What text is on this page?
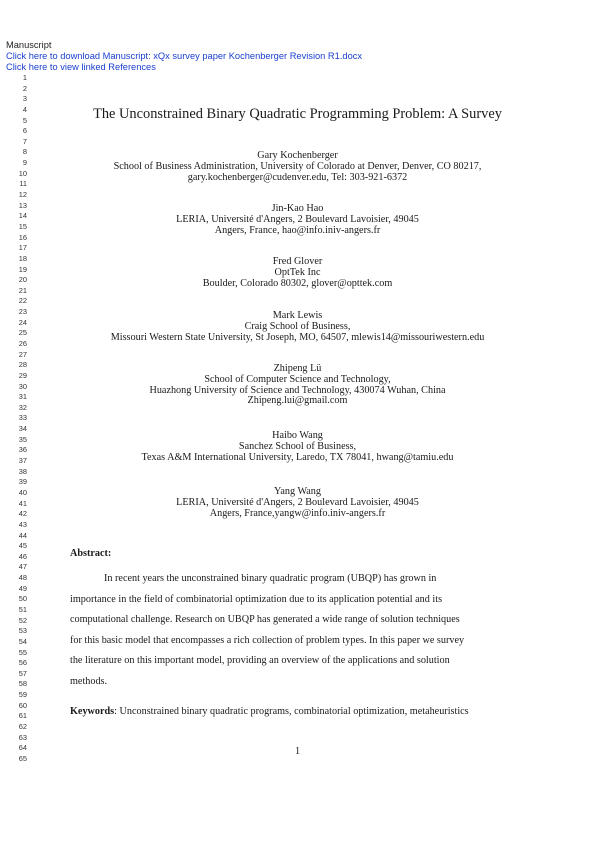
Manuscript
Click here to download Manuscript: xQx survey paper Kochenberger Revision R1.docx
Click here to view linked References
1
2
3
4
5
6
7
8
9
10
11
12
13
14
15
16
17
18
19
20
21
22
23
24
25
26
27
28
29
30
31
32
33
34
35
36
37
38
39
40
41
42
43
44
45
46
47
48
49
50
51
52
53
54
55
56
57
58
59
60
61
62
63
64
65
The Unconstrained Binary Quadratic Programming Problem: A Survey
Gary Kochenberger
School of Business Administration, University of Colorado at Denver, Denver, CO 80217,
gary.kochenberger@cudenver.edu, Tel: 303-921-6372
Jin-Kao Hao
LERIA, Université d'Angers, 2 Boulevard Lavoisier, 49045
Angers, France, hao@info.iniv-angers.fr
Fred Glover
OptTek Inc
Boulder, Colorado 80302, glover@opttek.com
Mark Lewis
Craig School of Business,
Missouri Western State University, St Joseph, MO, 64507, mlewis14@missouriwestern.edu
Zhipeng Lü
School of Computer Science and Technology,
Huazhong University of Science and Technology, 430074 Wuhan, China
Zhipeng.lui@gmail.com
Haibo Wang
Sanchez School of Business,
Texas A&M International University, Laredo, TX 78041, hwang@tamiu.edu
Yang Wang
LERIA, Université d'Angers, 2 Boulevard Lavoisier, 49045
Angers, France,yangw@info.iniv-angers.fr
Abstract:
In recent years the unconstrained binary quadratic program (UBQP) has grown in
importance in the field of combinatorial optimization due to its application potential and its
computational challenge. Research on UBQP has generated a wide range of solution techniques
for this basic model that encompasses a rich collection of problem types. In this paper we survey
the literature on this important model, providing an overview of the applications and solution
methods.
Keywords: Unconstrained binary quadratic programs, combinatorial optimization, metaheuristics
1
